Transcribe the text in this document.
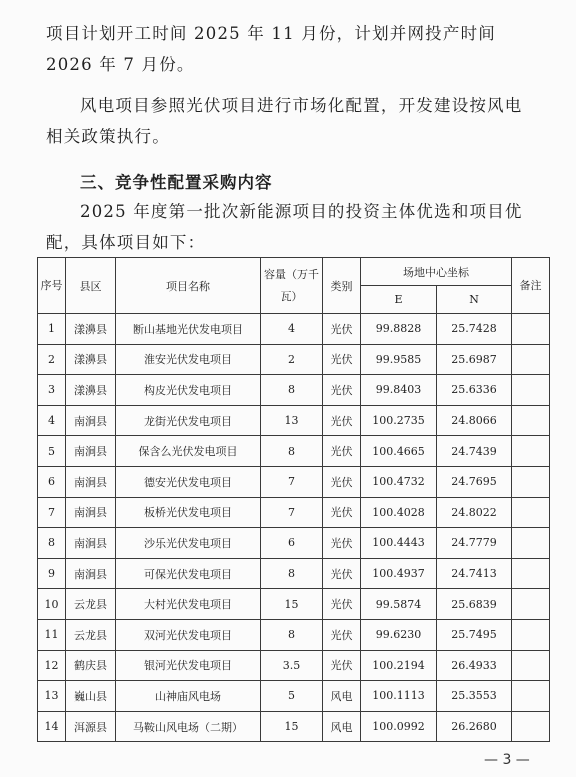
项目计划开工时间 2025 年 11 月份，计划并网投产时间 2026 年 7 月份。

风电项目参照光伏项目进行市场化配置，开发建设按风电相关政策执行。

三、竞争性配置采购内容

2025 年度第一批次新能源项目的投资主体优选和项目优配，具体项目如下：

序号	县区	项目名称	容量（万千瓦）	类别	场地中心坐标		备注
					E	N	
1	漾濞县	断山基地光伏发电项目	4	光伏	99.8828	25.7428	
2	漾濞县	淮安光伏发电项目	2	光伏	99.9585	25.6987	
3	漾濞县	构皮光伏发电项目	8	光伏	99.8403	25.6336	
4	南涧县	龙街光伏发电项目	13	光伏	100.2735	24.8066	
5	南涧县	保含么光伏发电项目	8	光伏	100.4665	24.7439	
6	南涧县	德安光伏发电项目	7	光伏	100.4732	24.7695	
7	南涧县	板桥光伏发电项目	7	光伏	100.4028	24.8022	
8	南涧县	沙乐光伏发电项目	6	光伏	100.4443	24.7779	
9	南涧县	可保光伏发电项目	8	光伏	100.4937	24.7413	
10	云龙县	大村光伏发电项目	15	光伏	99.5874	25.6839	
11	云龙县	双河光伏发电项目	8	光伏	99.6230	25.7495	
12	鹤庆县	银河光伏发电项目	3.5	光伏	100.2194	26.4933	
13	巍山县	山神庙风电场	5	风电	100.1113	25.3553	
14	洱源县	马鞍山风电场（二期）	15	风电	100.0992	26.2680	

— 3 —
